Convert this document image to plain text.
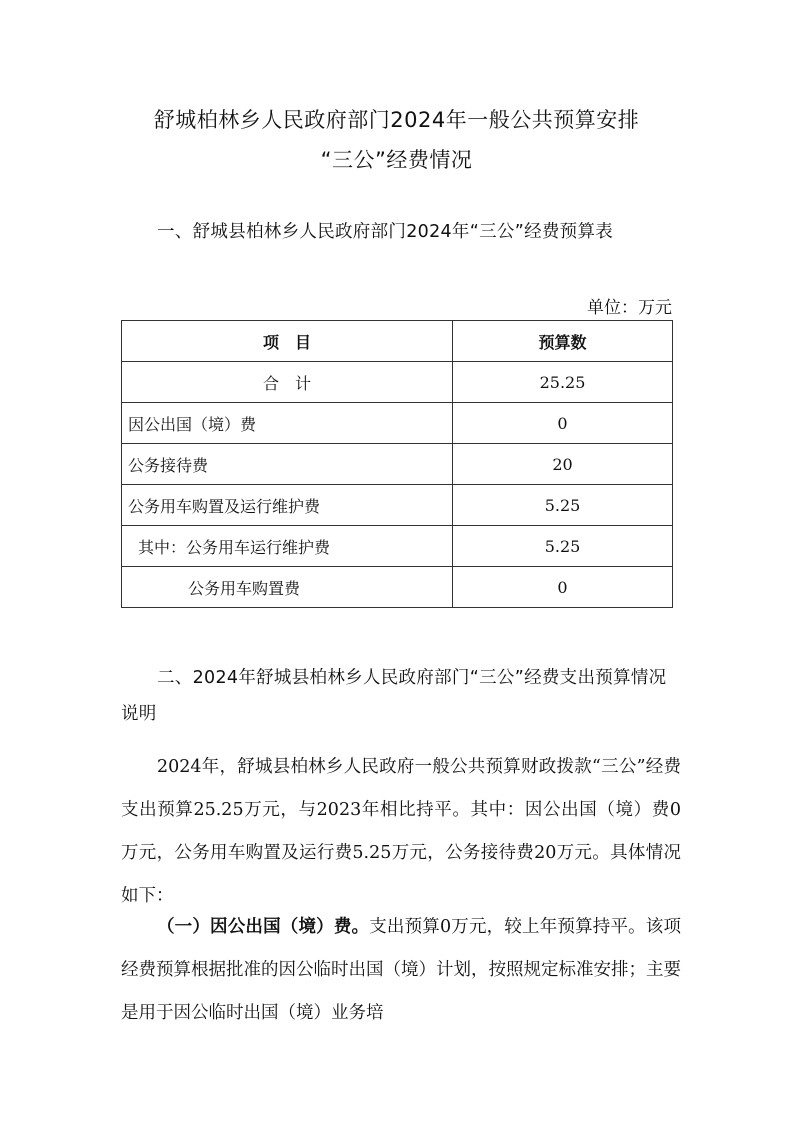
舒城柏林乡人民政府部门2024年一般公共预算安排
“三公”经费情况
一、舒城县柏林乡人民政府部门2024年“三公”经费预算表
单位：万元
项　目	预算数
合　计	25.25
因公出国（境）费	0
公务接待费	20
公务用车购置及运行维护费	5.25
其中：公务用车运行维护费	5.25
公务用车购置费	0
二、2024年舒城县柏林乡人民政府部门“三公”经费支出预算情况说明
2024年，舒城县柏林乡人民政府一般公共预算财政拨款“三公”经费支出预算25.25万元，与2023年相比持平。其中：因公出国（境）费0万元，公务用车购置及运行费5.25万元，公务接待费20万元。具体情况如下：
（一）因公出国（境）费。支出预算0万元，较上年预算持平。该项经费预算根据批准的因公临时出国（境）计划，按照规定标准安排；主要是用于因公临时出国（境）业务培
